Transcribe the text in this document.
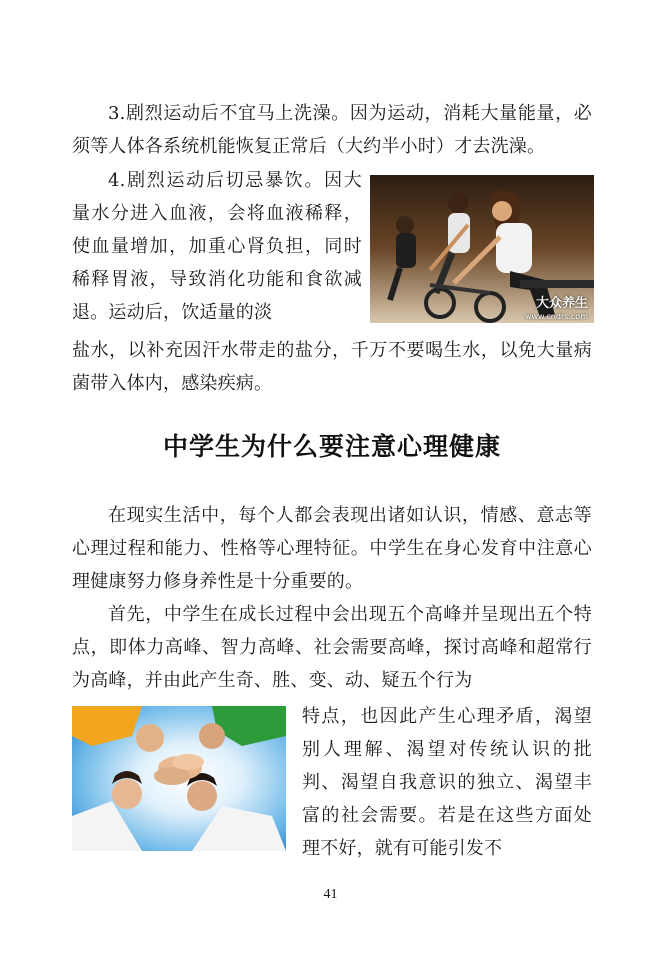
3.剧烈运动后不宜马上洗澡。因为运动，消耗大量能量，必须等人体各系统机能恢复正常后（大约半小时）才去洗澡。
4.剧烈运动后切忌暴饮。因大量水分进入血液，会将血液稀释，使血量增加，加重心肾负担，同时稀释胃液，导致消化功能和食欲减退。运动后，饮适量的淡	大众养生
www.cndrs.com
盐水，以补充因汗水带走的盐分，千万不要喝生水，以免大量病菌带入体内，感染疾病。
中学生为什么要注意心理健康
在现实生活中，每个人都会表现出诸如认识，情感、意志等心理过程和能力、性格等心理特征。中学生在身心发育中注意心理健康努力修身养性是十分重要的。
首先，中学生在成长过程中会出现五个高峰并呈现出五个特点，即体力高峰、智力高峰、社会需要高峰，探讨高峰和超常行为高峰，并由此产生奇、胜、变、动、疑五个行为
特点，也因此产生心理矛盾，渴望别人理解、渴望对传统认识的批判、渴望自我意识的独立、渴望丰富的社会需要。若是在这些方面处理不好，就有可能引发不
41
